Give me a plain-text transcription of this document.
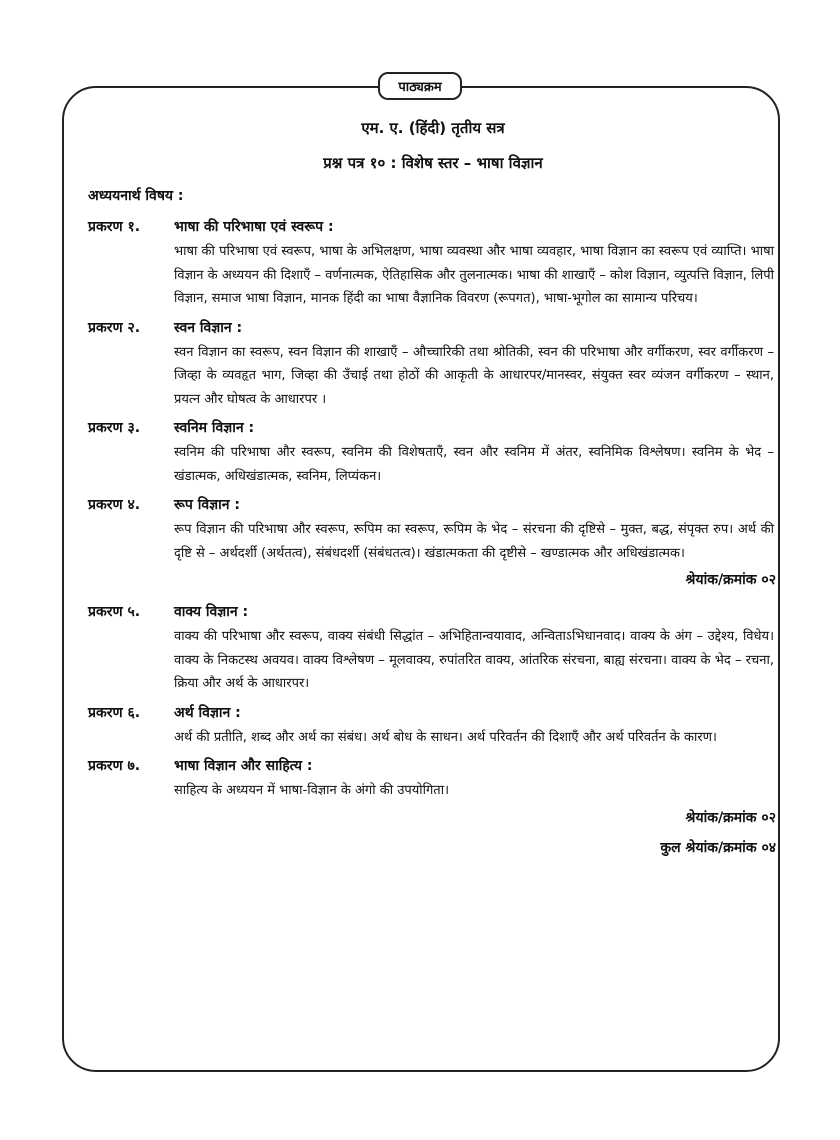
पाठ्यक्रम
एम. ए. (हिंदी) तृतीय सत्र
प्रश्न पत्र १० : विशेष स्तर – भाषा विज्ञान
अध्ययनार्थ विषय :
प्रकरण १.	भाषा की परिभाषा एवं स्वरूप :
भाषा की परिभाषा एवं स्वरूप, भाषा के अभिलक्षण, भाषा व्यवस्था और भाषा व्यवहार, भाषा विज्ञान का स्वरूप एवं व्याप्ति। भाषा विज्ञान के अध्ययन की दिशाएँ – वर्णनात्मक, ऐतिहासिक और तुलनात्मक। भाषा की शाखाएँ – कोश विज्ञान, व्युत्पत्ति विज्ञान, लिपी विज्ञान, समाज भाषा विज्ञान, मानक हिंदी का भाषा वैज्ञानिक विवरण (रूपगत), भाषा-भूगोल का सामान्य परिचय।
प्रकरण २.	स्वन विज्ञान :
स्वन विज्ञान का स्वरूप, स्वन विज्ञान की शाखाएँ – औच्चारिकी तथा श्रोतिकी, स्वन की परिभाषा और वर्गीकरण, स्वर वर्गीकरण – जिव्हा के व्यवहृत भाग, जिव्हा की उँचाई तथा होठों की आकृती के आधारपर/मानस्वर, संयुक्त स्वर व्यंजन वर्गीकरण – स्थान, प्रयत्न और घोषत्व के आधारपर ।
प्रकरण ३.	स्वनिम विज्ञान :
स्वनिम की परिभाषा और स्वरूप, स्वनिम की विशेषताएँ, स्वन और स्वनिम में अंतर, स्वनिमिक विश्लेषण। स्वनिम के भेद – खंडात्मक, अधिखंडात्मक, स्वनिम, लिप्यंकन।
प्रकरण ४.	रूप विज्ञान :
रूप विज्ञान की परिभाषा और स्वरूप, रूपिम का स्वरूप, रूपिम के भेद – संरचना की दृष्टिसे – मुक्त, बद्ध, संपृक्त रुप। अर्थ की दृष्टि से – अर्थदर्शी (अर्थतत्व), संबंधदर्शी (संबंधतत्व)। खंडात्मकता की दृष्टीसे – खण्डात्मक और अधिखंडात्मक।
श्रेयांक/क्रमांक ०२
प्रकरण ५.	वाक्य विज्ञान :
वाक्य की परिभाषा और स्वरूप, वाक्य संबंधी सिद्धांत – अभिहितान्वयावाद, अन्विताऽभिधानवाद। वाक्य के अंग – उद्देश्य, विधेय। वाक्य के निकटस्थ अवयव। वाक्य विश्लेषण – मूलवाक्य, रुपांतरित वाक्य, आंतरिक संरचना, बाह्य संरचना। वाक्य के भेद – रचना, क्रिया और अर्थ के आधारपर।
प्रकरण ६.	अर्थ विज्ञान :
अर्थ की प्रतीति, शब्द और अर्थ का संबंध। अर्थ बोध के साधन। अर्थ परिवर्तन की दिशाएँ और अर्थ परिवर्तन के कारण।
प्रकरण ७.	भाषा विज्ञान और साहित्य :
साहित्य के अध्ययन में भाषा-विज्ञान के अंगो की उपयोगिता।
श्रेयांक/क्रमांक ०२
कुल श्रेयांक/क्रमांक ०४
